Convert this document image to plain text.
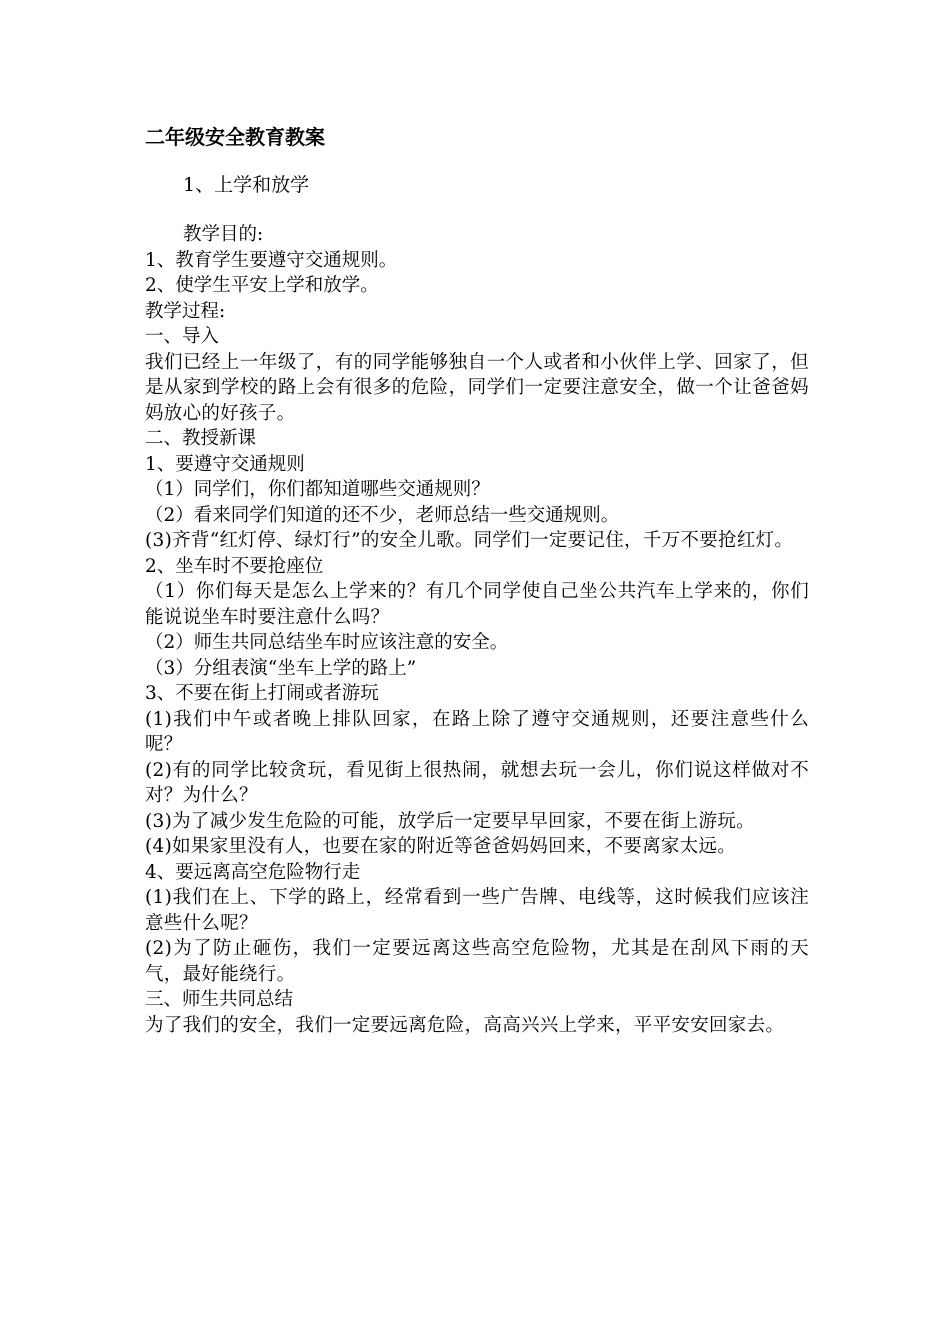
二年级安全教育教案
1、上学和放学

教学目的:

1、教育学生要遵守交通规则。

2、使学生平安上学和放学。

教学过程:

一、导入

我们已经上一年级了，有的同学能够独自一个人或者和小伙伴上学、回家了，但是从家到学校的路上会有很多的危险，同学们一定要注意安全，做一个让爸爸妈妈放心的好孩子。

二、教授新课

1、要遵守交通规则

（1）同学们，你们都知道哪些交通规则？

（2）看来同学们知道的还不少，老师总结一些交通规则。

(3)齐背“红灯停、绿灯行”的安全儿歌。同学们一定要记住，千万不要抢红灯。

2、坐车时不要抢座位

（1）你们每天是怎么上学来的？有几个同学使自己坐公共汽车上学来的，你们能说说坐车时要注意什么吗？

（2）师生共同总结坐车时应该注意的安全。

（3）分组表演“坐车上学的路上”

3、不要在街上打闹或者游玩

(1)我们中午或者晚上排队回家，在路上除了遵守交通规则，还要注意些什么呢？

(2)有的同学比较贪玩，看见街上很热闹，就想去玩一会儿，你们说这样做对不对？为什么？

(3)为了减少发生危险的可能，放学后一定要早早回家，不要在街上游玩。

(4)如果家里没有人，也要在家的附近等爸爸妈妈回来，不要离家太远。

4、要远离高空危险物行走

(1)我们在上、下学的路上，经常看到一些广告牌、电线等，这时候我们应该注意些什么呢？

(2)为了防止砸伤，我们一定要远离这些高空危险物，尤其是在刮风下雨的天气，最好能绕行。

三、师生共同总结

为了我们的安全，我们一定要远离危险，高高兴兴上学来，平平安安回家去。
